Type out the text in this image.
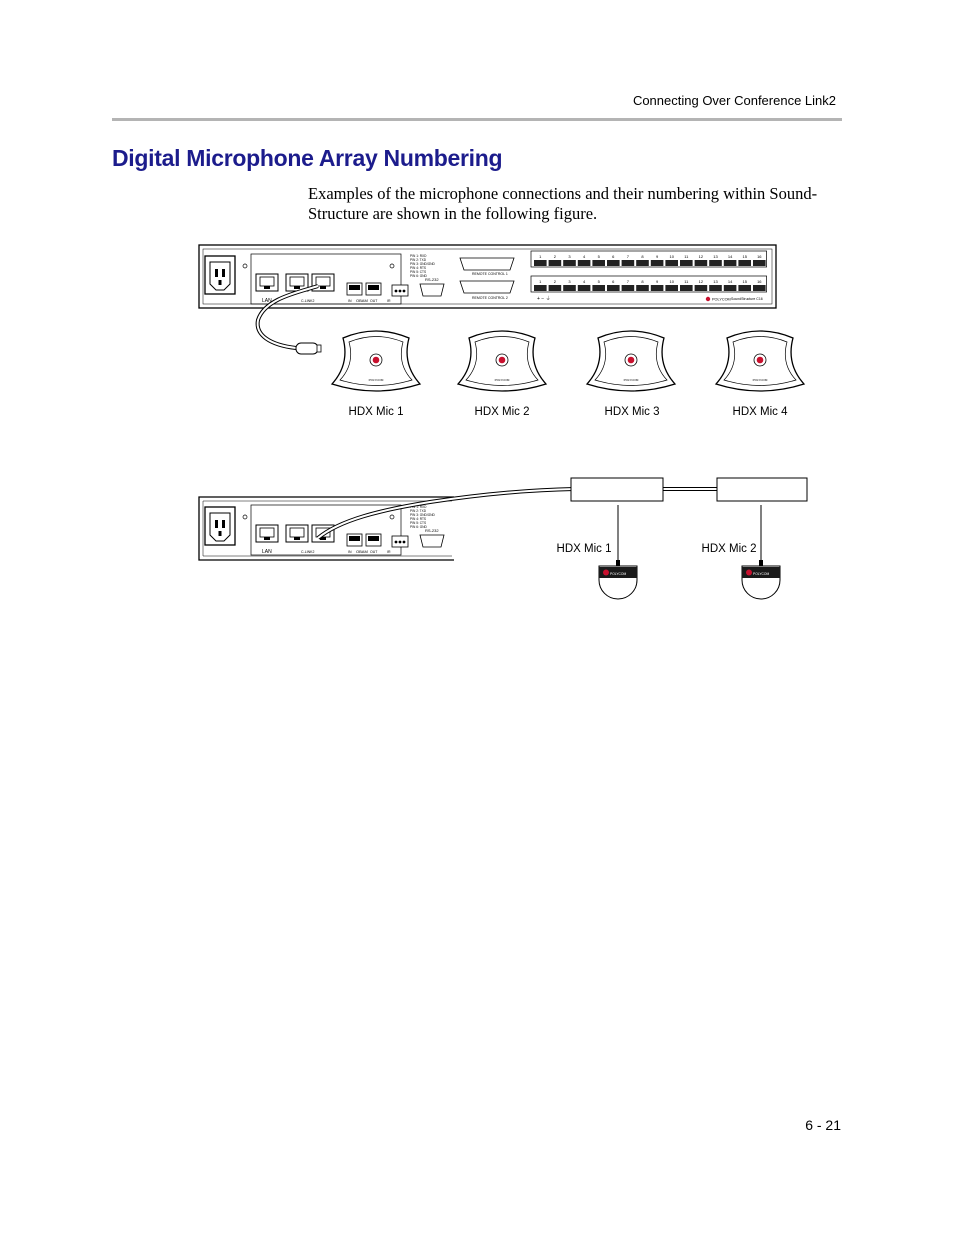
Connecting Over Conference Link2
Digital Microphone Array Numbering

Examples of the microphone connections and their numbering within Sound-Structure are shown in the following figure.

LAN	C-LINK2	IN OBAM OUT	IR
PIN 1: RXD
PIN 2: TXD
PIN 3: GND/GND
PIN 4: RTS
PIN 5: CTS
PIN 6: GND
RS-232
REMOTE CONTROL 1
REMOTE CONTROL 2
1	2	3	4	5	6	7	8	9	10	11	12	13	14	15	16
1	2	3	4	5	6	7	8	9	10	11	12	13	14	15	16
+ − ⏚	POLYCOM SoundStructure C16
POLYCOM	POLYCOM	POLYCOM	POLYCOM
HDX Mic 1	HDX Mic 2	HDX Mic 3	HDX Mic 4
LAN	C-LINK2	IN OBAM OUT	IR
PIN 1: RXD
PIN 2: TXD
PIN 3: GND/GND
PIN 4: RTS
PIN 5: CTS
PIN 6: GND
RS-232
POLYCOM	POLYCOM
HDX Mic 1	HDX Mic 2
6 - 21
